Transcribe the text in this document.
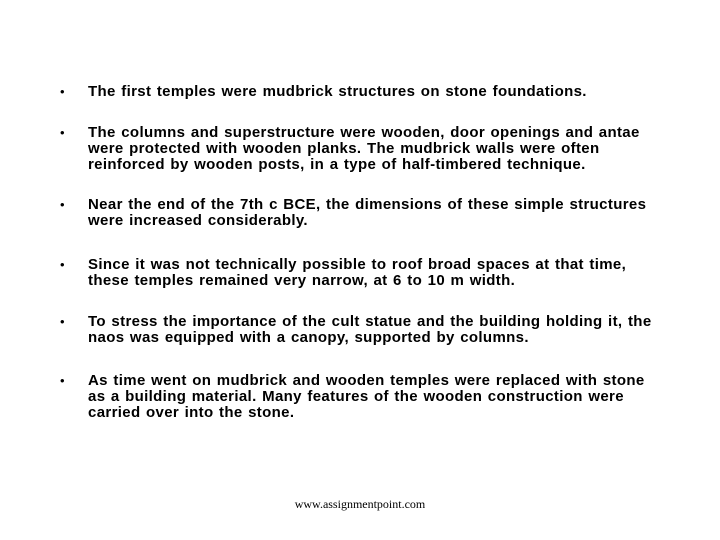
• The first temples were mudbrick structures on stone foundations.
• The columns and superstructure were wooden, door openings and antae were protected with wooden planks. The mudbrick walls were often reinforced by wooden posts, in a type of half-timbered technique.
• Near the end of the 7th c BCE, the dimensions of these simple structures were increased considerably.
• Since it was not technically possible to roof broad spaces at that time, these temples remained very narrow, at 6 to 10 m width.
• To stress the importance of the cult statue and the building holding it, the naos was equipped with a canopy, supported by columns.
• As time went on mudbrick and wooden temples were replaced with stone as a building material. Many features of the wooden construction were carried over into the stone.
www.assignmentpoint.com
